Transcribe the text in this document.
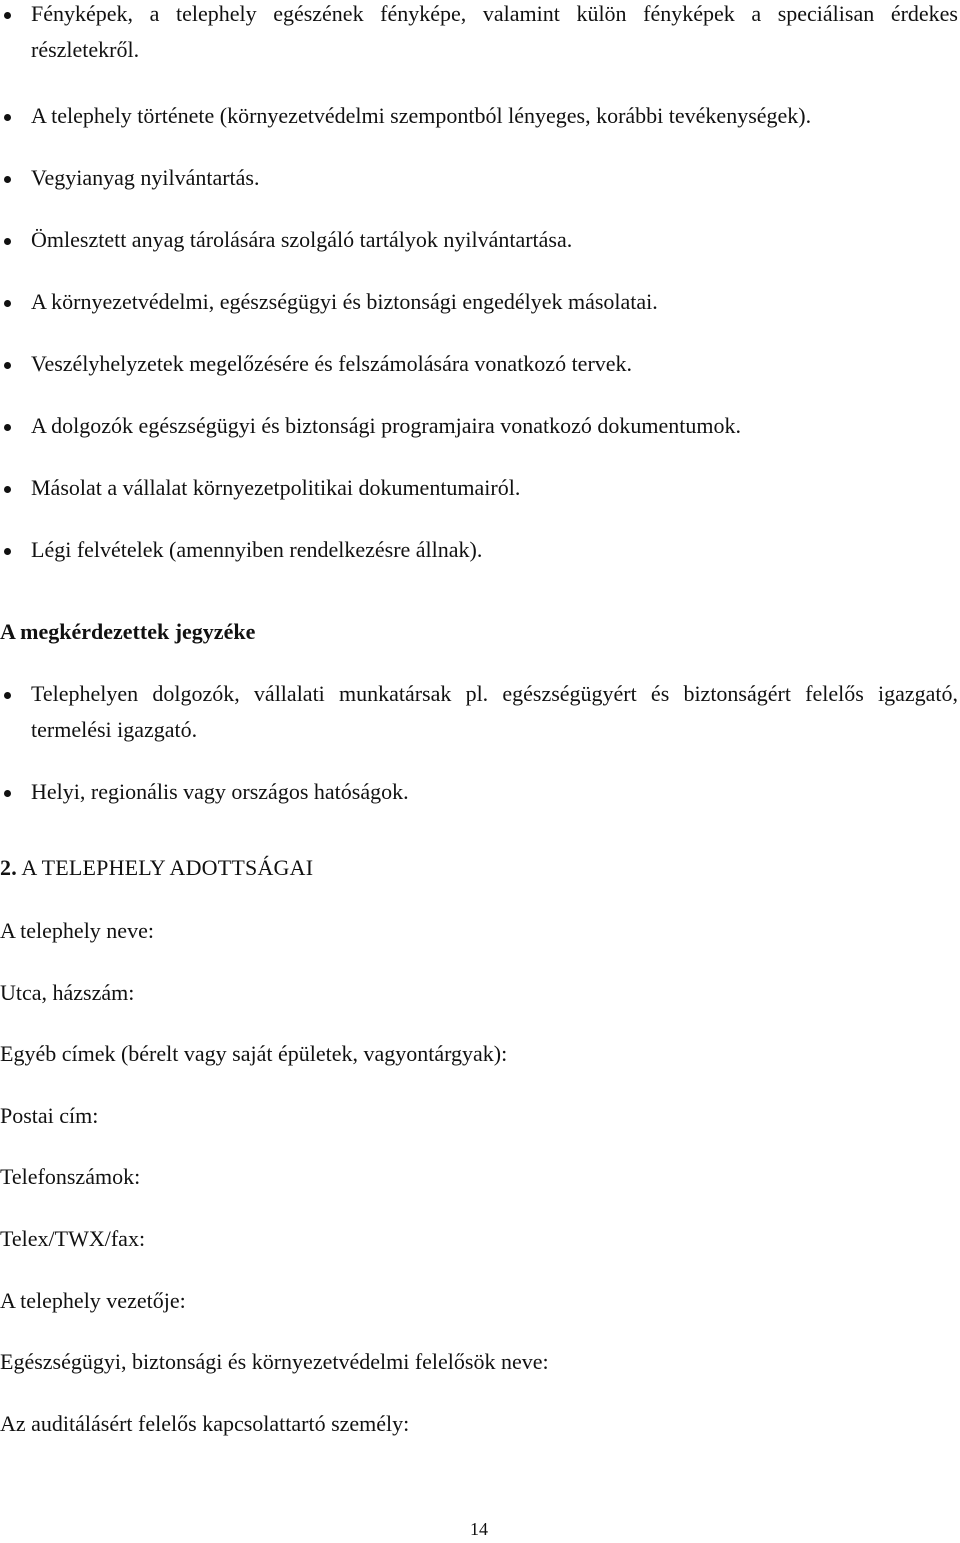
Fényképek, a telephely egészének fényképe, valamint külön fényképek a speciálisan érdekes részletekről.
A telephely története (környezetvédelmi szempontból lényeges, korábbi tevékenységek).
Vegyianyag nyilvántartás.
Ömlesztett anyag tárolására szolgáló tartályok nyilvántartása.
A környezetvédelmi, egészségügyi és biztonsági engedélyek másolatai.
Veszélyhelyzetek megelőzésére és felszámolására vonatkozó tervek.
A dolgozók egészségügyi és biztonsági programjaira vonatkozó dokumentumok.
Másolat a vállalat környezetpolitikai dokumentumairól.
Légi felvételek (amennyiben rendelkezésre állnak).
A megkérdezettek jegyzéke
Telephelyen dolgozók, vállalati munkatársak pl. egészségügyért és biztonságért felelős igazgató, termelési igazgató.
Helyi, regionális vagy országos hatóságok.
2. A TELEPHELY ADOTTSÁGAI
A telephely neve:
Utca, házszám:
Egyéb címek (bérelt vagy saját épületek, vagyontárgyak):
Postai cím:
Telefonszámok:
Telex/TWX/fax:
A telephely vezetője:
Egészségügyi, biztonsági és környezetvédelmi felelősök neve:
Az auditálásért felelős kapcsolattartó személy:
14
